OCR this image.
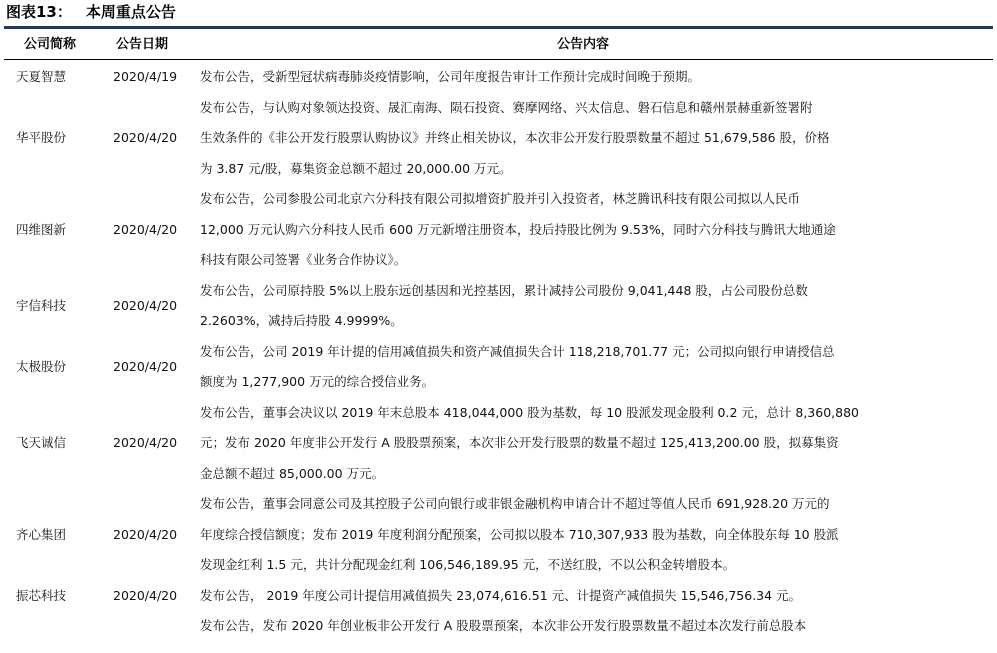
图表13： 本周重点公告
公司简称	公告日期	公告内容
天夏智慧	2020/4/19 发布公告，受新型冠状病毒肺炎疫情影响，公司年度报告审计工作预计完成时间晚于预期。
华平股份	2020/4/20
发布公告，与认购对象领达投资、晟汇南海、陨石投资、赛摩网络、兴太信息、磐石信息和赣州景赫重新签署附
生效条件的《非公开发行股票认购协议》并终止相关协议，本次非公开发行股票数量不超过 51,679,586 股，价格
为 3.87 元/股，募集资金总额不超过 20,000.00 万元。
四维图新	2020/4/20
发布公告，公司参股公司北京六分科技有限公司拟增资扩股并引入投资者，林芝腾讯科技有限公司拟以人民币
12,000 万元认购六分科技人民币 600 万元新增注册资本，投后持股比例为 9.53%，同时六分科技与腾讯大地通途
科技有限公司签署《业务合作协议》。
宇信科技	2020/4/20
发布公告，公司原持股 5%以上股东远创基因和光控基因，累计减持公司股份 9,041,448 股，占公司股份总数
2.2603%，减持后持股 4.9999%。
太极股份	2020/4/20
发布公告，公司 2019 年计提的信用减值损失和资产减值损失合计 118,218,701.77 元；公司拟向银行申请授信总
额度为 1,277,900 万元的综合授信业务。
飞天诚信	2020/4/20
发布公告，董事会决议以 2019 年末总股本 418,044,000 股为基数，每 10 股派发现金股利 0.2 元，总计 8,360,880
元；发布 2020 年度非公开发行 A 股股票预案，本次非公开发行股票的数量不超过 125,413,200.00 股，拟募集资
金总额不超过 85,000.00 万元。
齐心集团	2020/4/20
发布公告，董事会同意公司及其控股子公司向银行或非银金融机构申请合计不超过等值人民币 691,928.20 万元的
年度综合授信额度；发布 2019 年度利润分配预案，公司拟以股本 710,307,933 股为基数，向全体股东每 10 股派
发现金红利 1.5 元，共计分配现金红利 106,546,189.95 元，不送红股，不以公积金转增股本。
振芯科技	2020/4/20 发布公告， 2019 年度公司计提信用减值损失 23,074,616.51 元、计提资产减值损失 15,546,756.34 元。
发布公告，发布 2020 年创业板非公开发行 A 股股票预案，本次非公开发行股票数量不超过本次发行前总股本
